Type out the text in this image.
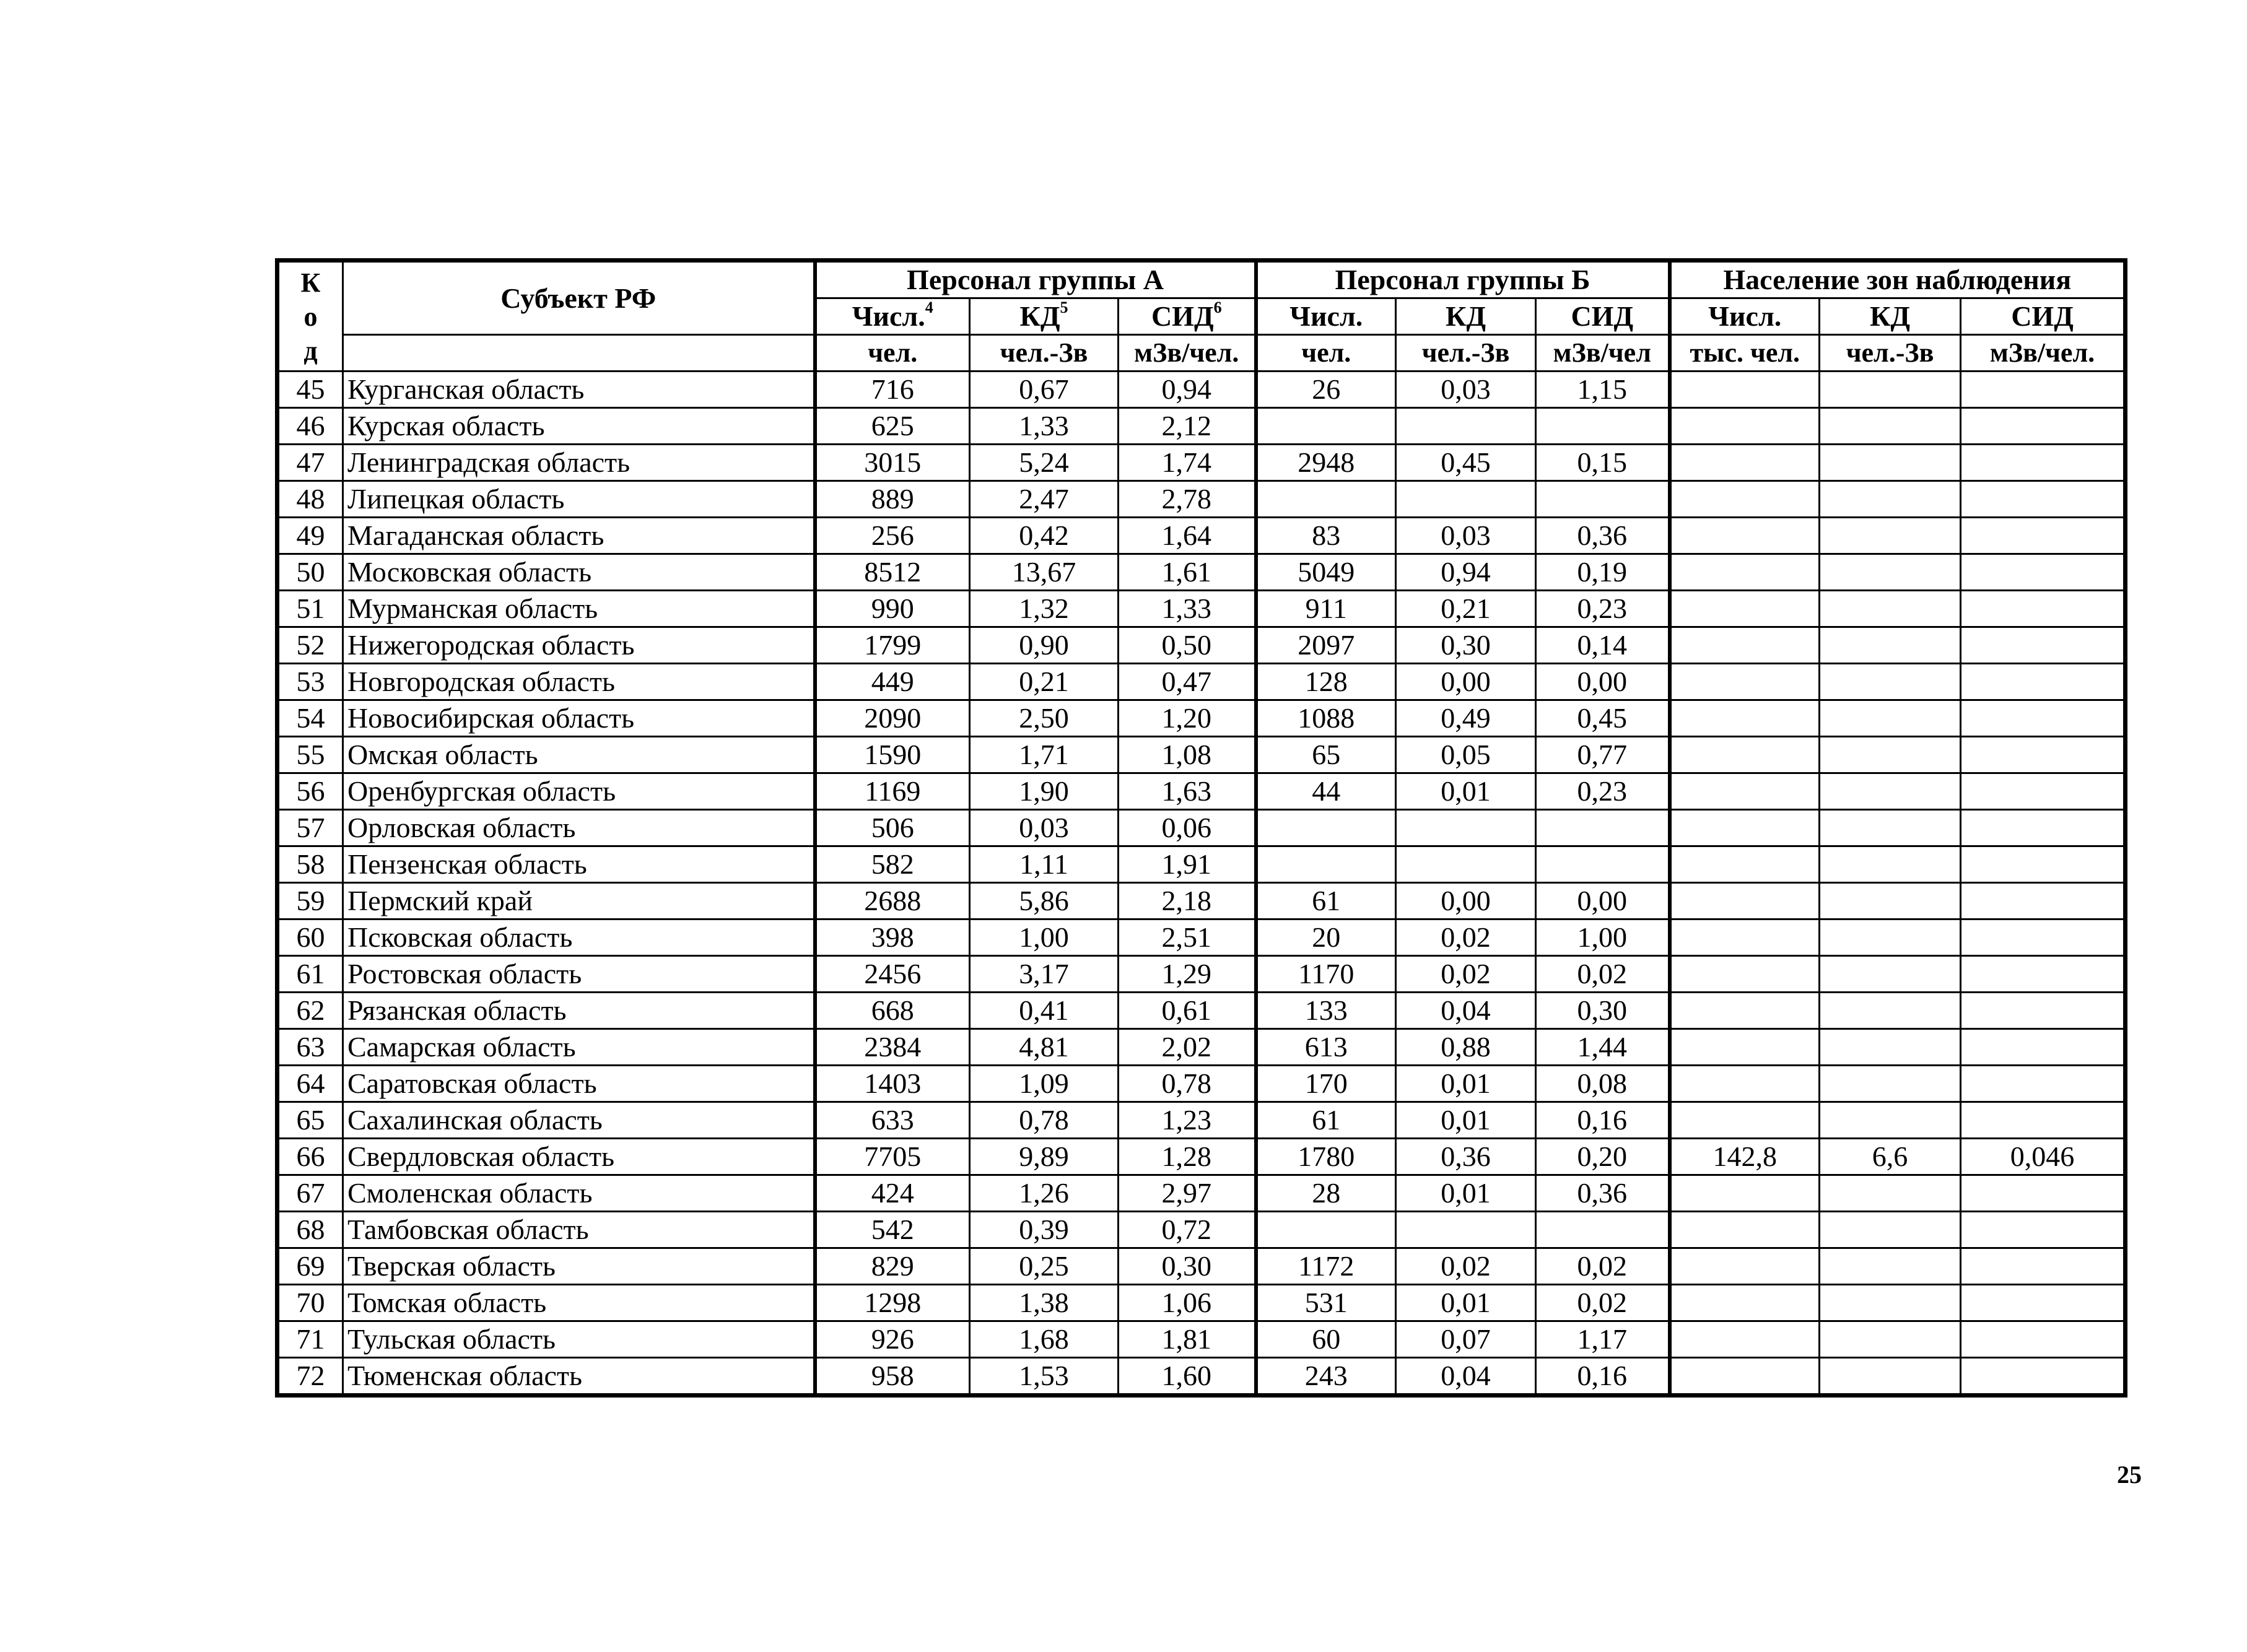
К
о
д	Субъект РФ	Персонал группы А			Персонал группы Б			Население зон наблюдения		
		Числ.$^4$	$КД^5$	СИД$^6$	Числ.	КД	СИД	Числ.	КД	СИД
		чел.	чел.-Зв	мЗв/чел.	чел.	чел.-Зв	мЗв/чел	тыс. чел.	чел.-Зв	мЗв/чел.
45	Курганская область	716	0,67	0,94	26	0,03	1,15			
46	Курская область	625	1,33	2,12						
47	Ленинградская область	3015	5,24	1,74	2948	0,45	0,15			
48	Липецкая область	889	2,47	2,78						
49	Магаданская область	256	0,42	1,64	83	0,03	0,36			
50	Московская область	8512	13,67	1,61	5049	0,94	0,19			
51	Мурманская область	990	1,32	1,33	911	0,21	0,23			
52	Нижегородская область	1799	0,90	0,50	2097	0,30	0,14			
53	Новгородская область	449	0,21	0,47	128	0,00	0,00			
54	Новосибирская область	2090	2,50	1,20	1088	0,49	0,45			
55	Омская область	1590	1,71	1,08	65	0,05	0,77			
56	Оренбургская область	1169	1,90	1,63	44	0,01	0,23			
57	Орловская область	506	0,03	0,06						
58	Пензенская область	582	1,11	1,91						
59	Пермский край	2688	5,86	2,18	61	0,00	0,00			
60	Псковская область	398	1,00	2,51	20	0,02	1,00			
61	Ростовская область	2456	3,17	1,29	1170	0,02	0,02			
62	Рязанская область	668	0,41	0,61	133	0,04	0,30			
63	Самарская область	2384	4,81	2,02	613	0,88	1,44			
64	Саратовская область	1403	1,09	0,78	170	0,01	0,08			
65	Сахалинская область	633	0,78	1,23	61	0,01	0,16			
66	Свердловская область	7705	9,89	1,28	1780	0,36	0,20	142,8	6,6	0,046
67	Смоленская область	424	1,26	2,97	28	0,01	0,36			
68	Тамбовская область	542	0,39	0,72						
69	Тверская область	829	0,25	0,30	1172	0,02	0,02			
70	Томская область	1298	1,38	1,06	531	0,01	0,02			
71	Тульская область	926	1,68	1,81	60	0,07	1,17			
72	Тюменская область	958	1,53	1,60	243	0,04	0,16			
25
